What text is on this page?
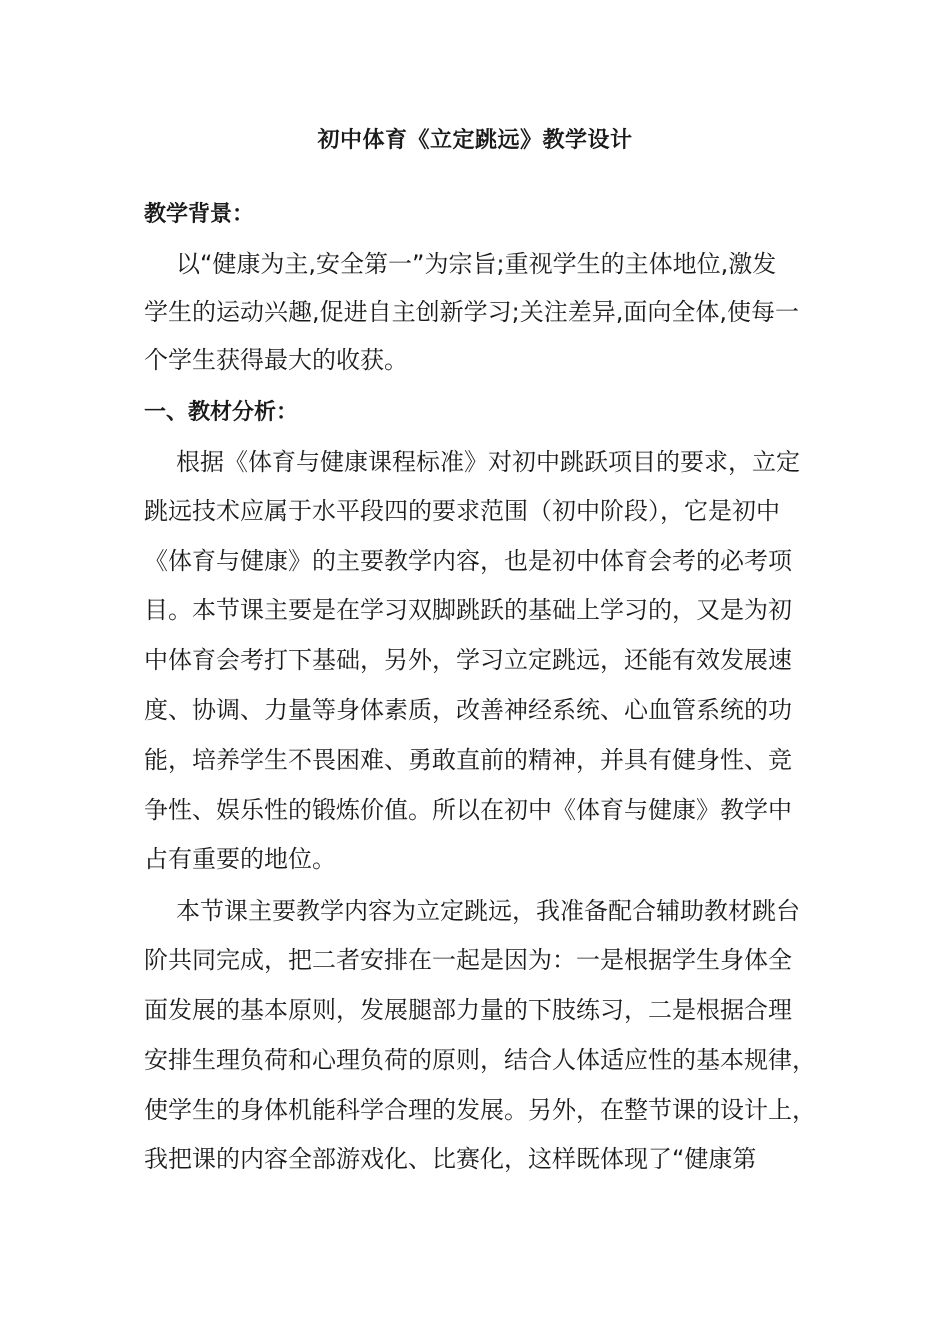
初中体育《立定跳远》教学设计
教学背景：
以“健康为主,安全第一”为宗旨;重视学生的主体地位,激发
学生的运动兴趣,促进自主创新学习;关注差异,面向全体,使每一
个学生获得最大的收获。
一、教材分析：
根据《体育与健康课程标准》对初中跳跃项目的要求，立定
跳远技术应属于水平段四的要求范围（初中阶段），它是初中
《体育与健康》的主要教学内容，也是初中体育会考的必考项
目。本节课主要是在学习双脚跳跃的基础上学习的，又是为初
中体育会考打下基础，另外，学习立定跳远，还能有效发展速
度、协调、力量等身体素质，改善神经系统、心血管系统的功
能，培养学生不畏困难、勇敢直前的精神，并具有健身性、竞
争性、娱乐性的锻炼价值。所以在初中《体育与健康》教学中
占有重要的地位。
本节课主要教学内容为立定跳远，我准备配合辅助教材跳台
阶共同完成，把二者安排在一起是因为：一是根据学生身体全
面发展的基本原则，发展腿部力量的下肢练习，二是根据合理
安排生理负荷和心理负荷的原则，结合人体适应性的基本规律，
使学生的身体机能科学合理的发展。另外，在整节课的设计上，
我把课的内容全部游戏化、比赛化，这样既体现了“健康第
